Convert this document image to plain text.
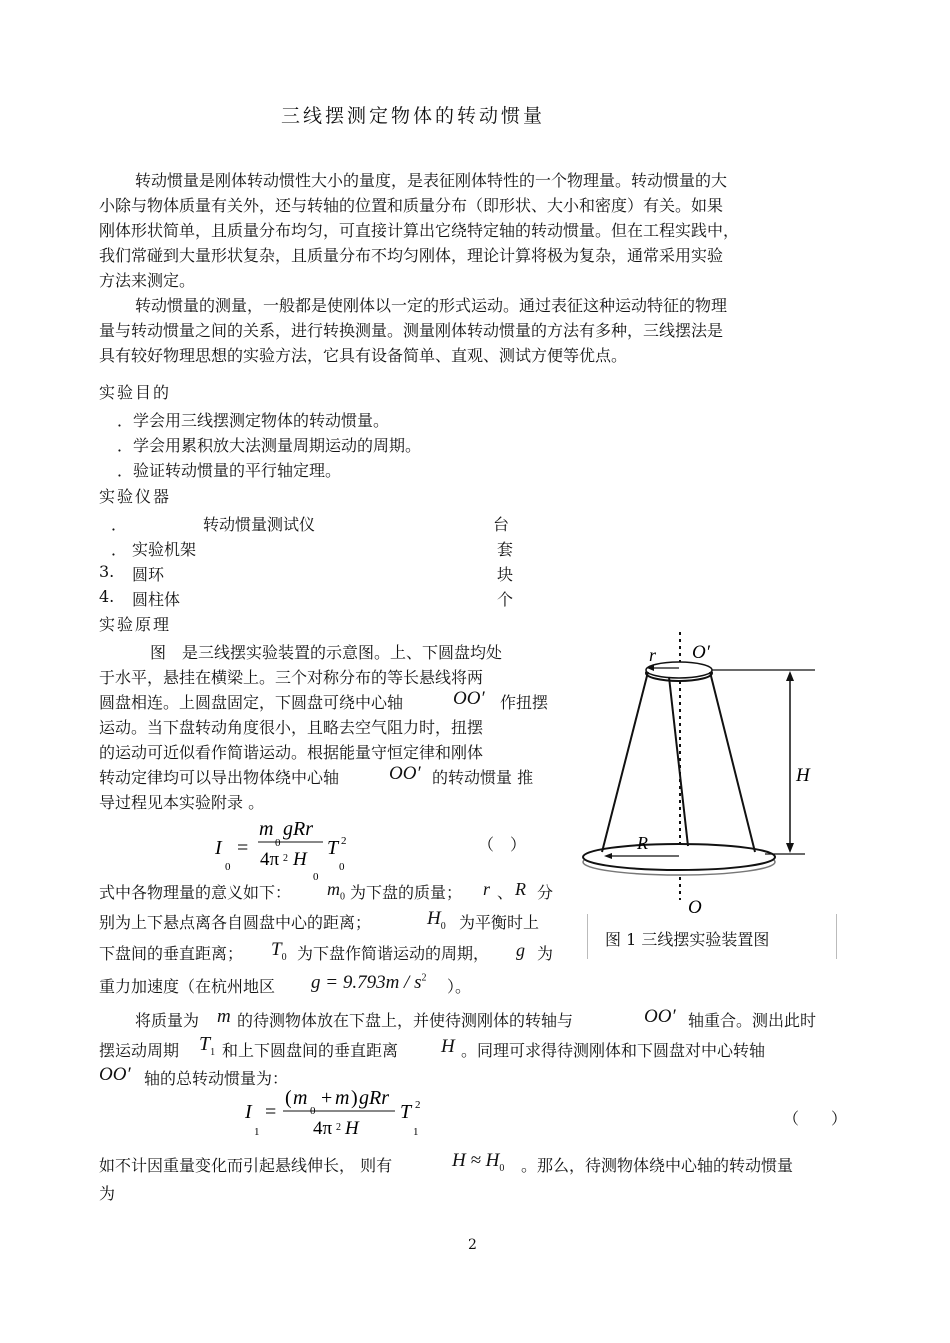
三线摆测定物体的转动惯量
转动惯量是刚体转动惯性大小的量度，是表征刚体特性的一个物理量。转动惯量的大
小除与物体质量有关外，还与转轴的位置和质量分布（即形状、大小和密度）有关。如果
刚体形状简单，且质量分布均匀，可直接计算出它绕特定轴的转动惯量。但在工程实践中，
我们常碰到大量形状复杂，且质量分布不均匀刚体，理论计算将极为复杂，通常采用实验
方法来测定。
转动惯量的测量，一般都是使刚体以一定的形式运动。通过表征这种运动特征的物理
量与转动惯量之间的关系，进行转换测量。测量刚体转动惯量的方法有多种，三线摆法是
具有较好物理思想的实验方法，它具有设备简单、直观、测试方便等优点。
实验目的
．学会用三线摆测定物体的转动惯量。
．学会用累积放大法测量周期运动的周期。
．验证转动惯量的平行轴定理。
实验仪器
．	转动惯量测试仪	台
． 实验机架	套
3. 圆环	块
4. 圆柱体	个
实验原理
图　是三线摆实验装置的示意图。上、下圆盘均处
于水平，悬挂在横梁上。三个对称分布的等长悬线将两
圆盘相连。上圆盘固定，下圆盘可绕中心轴	OO′ 作扭摆
运动。当下盘转动角度很小，且略去空气阻力时，扭摆
的运动可近似看作简谐运动。根据能量守恒定律和刚体
转动定律均可以导出物体绕中心轴	OO′ 的转动惯量 推
导过程见本实验附录 。
I
0
=
m
0
gRr
4π 2 H
0
T 2
0
（　）
式中各物理量的意义如下： $m_0$ 为下盘的质量； r 、 R 分
别为上下悬点离各自圆盘中心的距离；	$H_0$ 为平衡时上
下盘间的垂直距离； $T_0$ 为下盘作简谐运动的周期， g 为
重力加速度（在杭州地区 $g = 9.793m / s^2$ ）。
将质量为 m 的待测物体放在下盘上，并使待测刚体的转轴与	OO′ 轴重合。测出此时
摆运动周期 $T_1$ 和上下圆盘间的垂直距离 H 。同理可求得待测刚体和下圆盘对中心转轴
OO′ 轴的总转动惯量为：
I
1
=
( m
0
+ m ) gRr
4π 2 H
T 2
1
（　　）
如不计因重量变化而引起悬线伸长， 则有	$H \approx H_0$ 。那么，待测物体绕中心轴的转动惯量
为
r O′
H
R
O
图 1 三线摆实验装置图
2
